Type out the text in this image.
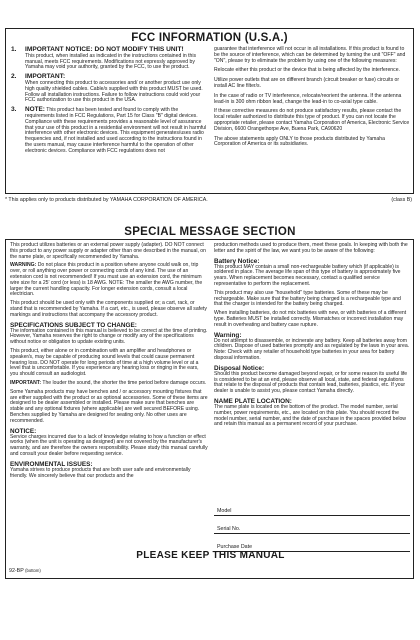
FCC INFORMATION (U.S.A.)
1. IMPORTANT NOTICE: DO NOT MODIFY THIS UNIT!
This product, when installed as indicated in the instructions contained in this manual, meets FCC requirements. Modifications not expressly approved by Yamaha may void your authority, granted by the FCC, to use the product.
2. IMPORTANT:
When connecting this product to accessories and/ or another product use only high quality shielded cables. Cable/s supplied with this product MUST be used. Follow all installation instructions. Failure to follow instructions could void your FCC authorization to use this product in the USA.
3. NOTE: This product has been tested and found to comply with the requirements listed in FCC Regulations, Part 15 for Class "B" digital devices. Compliance with these requirements provides a reasonable level of assurance that your use of this product in a residential environment will not result in harmful interference with other electronic devices. This equipment generates/uses radio frequencies and, if not installed and used according to the instructions found in the users manual, may cause interference harmful to the operation of other electronic devices. Compliance with FCC regulations does not

guarantee that interference will not occur in all installations. If this product is found to be the source of interference, which can be determined by turning the unit "OFF" and "ON", please try to eliminate the problem by using one of the following measures:

Relocate either this product or the device that is being affected by the interference.

Utilize power outlets that are on different branch (circuit breaker or fuse) circuits or install AC line filter/s.

In the case of radio or TV interference, relocate/reorient the antenna. If the antenna lead-in is 300 ohm ribbon lead, change the lead-in to co-axial type cable.

If these corrective measures do not produce satisfactory results, please contact the local retailer authorized to distribute this type of product. If you can not locate the appropriate retailer, please contact Yamaha Corporation of America, Electronic Service Division, 6600 Orangethorpe Ave, Buena Park, CA90620

The above statements apply ONLY to those products distributed by Yamaha Corporation of America or its subsidiaries.

* This applies only to products distributed by YAMAHA CORPORATION OF AMERICA.	(class B)
SPECIAL MESSAGE SECTION

This product utilizes batteries or an external power supply (adapter). DO NOT connect this product to any power supply or adapter other than one described in the manual, on the name plate, or specifically recommended by Yamaha.

WARNING: Do not place this product in a position where anyone could walk on, trip over, or roll anything over power or connecting cords of any kind. The use of an extension cord is not recommended! If you must use an extension cord, the minimum wire size for a 25' cord (or less) is 18 AWG. NOTE: The smaller the AWG number, the larger the current handling capacity. For longer extension cords, consult a local electrician.

This product should be used only with the components supplied or; a cart, rack, or stand that is recommended by Yamaha. If a cart, etc., is used, please observe all safety markings and instructions that accompany the accessory product.

SPECIFICATIONS SUBJECT TO CHANGE:
The information contained in this manual is believed to be correct at the time of printing. However, Yamaha reserves the right to change or modify any of the specifications without notice or obligation to update existing units.

This product, either alone or in combination with an amplifier and headphones or speaker/s, may be capable of producing sound levels that could cause permanent hearing loss. DO NOT operate for long periods of time at a high volume level or at a level that is uncomfortable. If you experience any hearing loss or ringing in the ears, you should consult an audiologist.

IMPORTANT: The louder the sound, the shorter the time period before damage occurs.

Some Yamaha products may have benches and / or accessory mounting fixtures that are either supplied with the product or as optional accessories. Some of these items are designed to be dealer assembled or installed. Please make sure that benches are stable and any optional fixtures (where applicable) are well secured BEFORE using. Benches supplied by Yamaha are designed for seating only. No other uses are recommended.

NOTICE:
Service charges incurred due to a lack of knowledge relating to how a function or effect works (when the unit is operating as designed) are not covered by the manufacturer's warranty, and are therefore the owners responsibility. Please study this manual carefully and consult your dealer before requesting service.

ENVIRONMENTAL ISSUES:
Yamaha strives to produce products that are both user safe and environmentally friendly. We sincerely believe that our products and the

production methods used to produce them, meet these goals. In keeping with both the letter and the spirit of the law, we want you to be aware of the following:

Battery Notice:
This product MAY contain a small non-rechargeable battery which (if applicable) is soldered in place. The average life span of this type of battery is approximately five years. When replacement becomes necessary, contact a qualified service representative to perform the replacement.

This product may also use "household" type batteries. Some of these may be rechargeable. Make sure that the battery being charged is a rechargeable type and that the charger is intended for the battery being charged.

When installing batteries, do not mix batteries with new, or with batteries of a different type. Batteries MUST be installed correctly. Mismatches or incorrect installation may result in overheating and battery case rupture.

Warning:
Do not attempt to disassemble, or incinerate any battery. Keep all batteries away from children. Dispose of used batteries promptly and as regulated by the laws in your area. Note: Check with any retailer of household type batteries in your area for battery disposal information.

Disposal Notice:
Should this product become damaged beyond repair, or for some reason its useful life is considered to be at an end, please observe all local, state, and federal regulations that relate to the disposal of products that contain lead, batteries, plastics, etc. If your dealer is unable to assist you, please contact Yamaha directly.

NAME PLATE LOCATION:
The name plate is located on the bottom of the product. The model number, serial number, power requirements, etc., are located on this plate. You should record the model number, serial number, and the date of purchase in the spaces provided below and retain this manual as a permanent record of your purchase.

Model
Serial No.
Purchase Date
PLEASE KEEP THIS MANUAL
92-BP (bottom)
